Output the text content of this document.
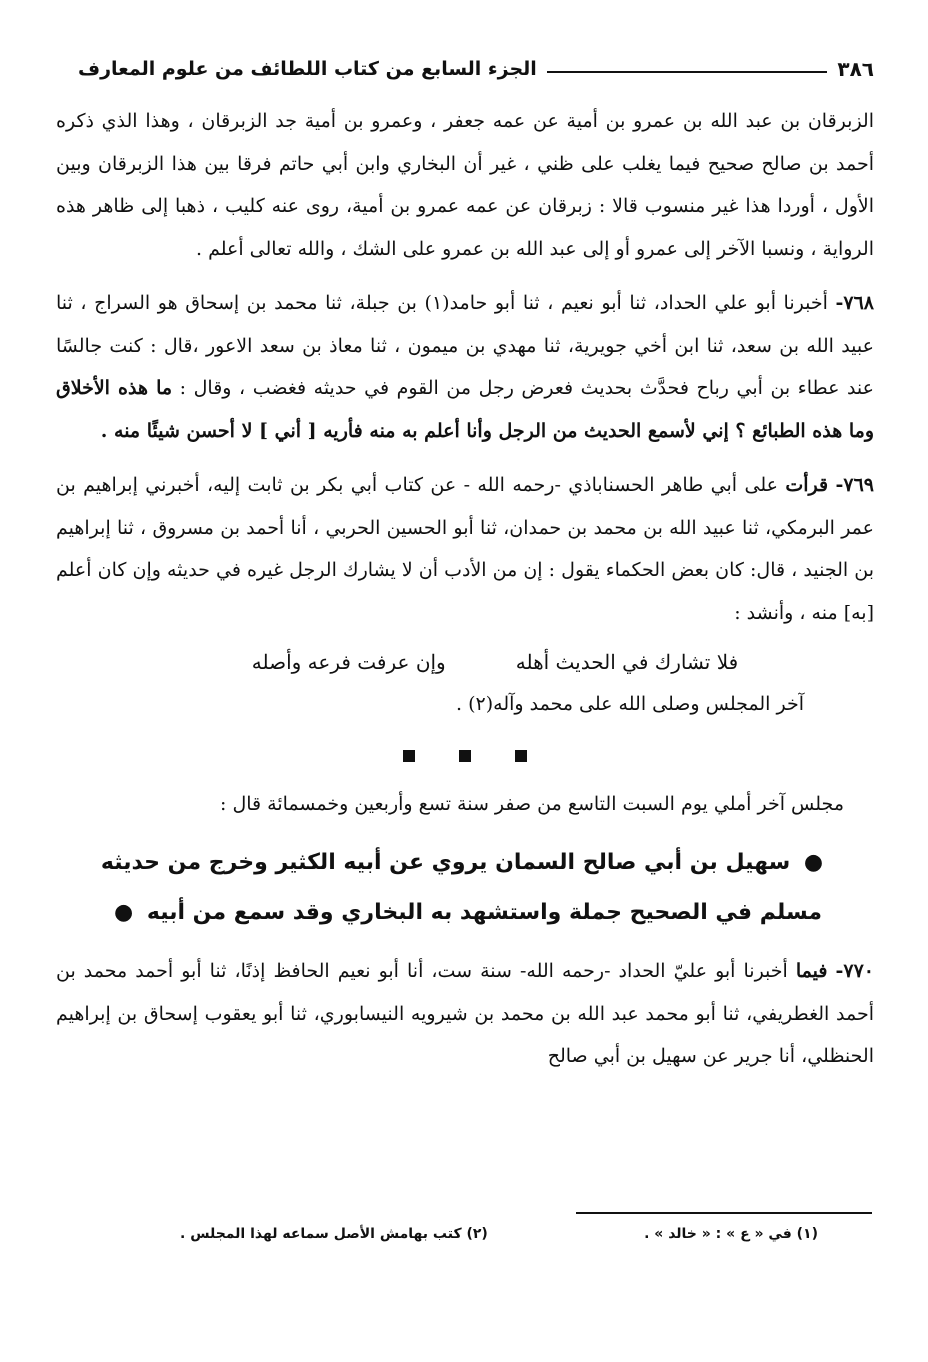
٣٨٦
الجزء السابع من كتاب اللطائف من علوم المعارف

الزبرقان بن عبد الله بن عمرو بن أمية عن عمه جعفر ، وعمرو بن أمية جد الزبرقان ، وهذا الذي ذكره أحمد بن صالح صحيح فيما يغلب على ظني ، غير أن البخاري وابن أبي حاتم فرقا بين هذا الزبرقان وبين الأول ، أوردا هذا غير منسوب قالا : زبرقان عن عمه عمرو بن أمية، روى عنه كليب ، ذهبا إلى ظاهر هذه الرواية ، ونسبا الآخر إلى عمرو أو إلى عبد الله بن عمرو على الشك ، والله تعالى أعلم .

٧٦٨- أخبرنا أبو علي الحداد، ثنا أبو نعيم ، ثنا أبو حامد(١) بن جبلة، ثنا محمد بن إسحاق هو السراج ، ثنا عبيد الله بن سعد، ثنا ابن أخي جويرية، ثنا مهدي بن ميمون ، ثنا معاذ بن سعد الاعور ،قال : كنت جالسًا عند عطاء بن أبي رباح فحدَّث بحديث فعرض رجل من القوم في حديثه فغضب ، وقال : ما هذه الأخلاق وما هذه الطبائع ؟ إني لأسمع الحديث من الرجل وأنا أعلم به منه فأريه [ أني ] لا أحسن شيئًا منه .

٧٦٩- قرأت على أبي طاهر الحسناباذي -رحمه الله - عن كتاب أبي بكر بن ثابت إليه، أخبرني إبراهيم بن عمر البرمكي، ثنا عبيد الله بن محمد بن حمدان، ثنا أبو الحسين الحربي ، أنا أحمد بن مسروق ، ثنا إبراهيم بن الجنيد ، قال: كان بعض الحكماء يقول : إن من الأدب أن لا يشارك الرجل غيره في حديثه وإن كان أعلم [به] منه ، وأنشد :

فلا تشارك في الحديث أهله
وإن عرفت فرعه وأصله
آخر المجلس وصلى الله على محمد وآله(٢) .
مجلس آخر أملي يوم السبت التاسع من صفر سنة تسع وأربعين وخمسمائة قال :
● سهيل بن أبي صالح السمان يروي عن أبيه الكثير وخرج من حديثه
مسلم في الصحيح جملة واستشهد به البخاري وقد سمع من أبيه ●

٧٧٠- فيما أخبرنا أبو عليّ الحداد -رحمه الله- سنة ست، أنا أبو نعيم الحافظ إذنًا، ثنا أبو أحمد محمد بن أحمد الغطريفي، ثنا أبو محمد عبد الله بن محمد بن شيرويه النيسابوري، ثنا أبو يعقوب إسحاق بن إبراهيم الحنظلي، أنا جرير عن سهيل بن أبي صالح

(١) في « ع » : « خالد » .
(٢) كتب بهامش الأصل سماعه لهذا المجلس .
